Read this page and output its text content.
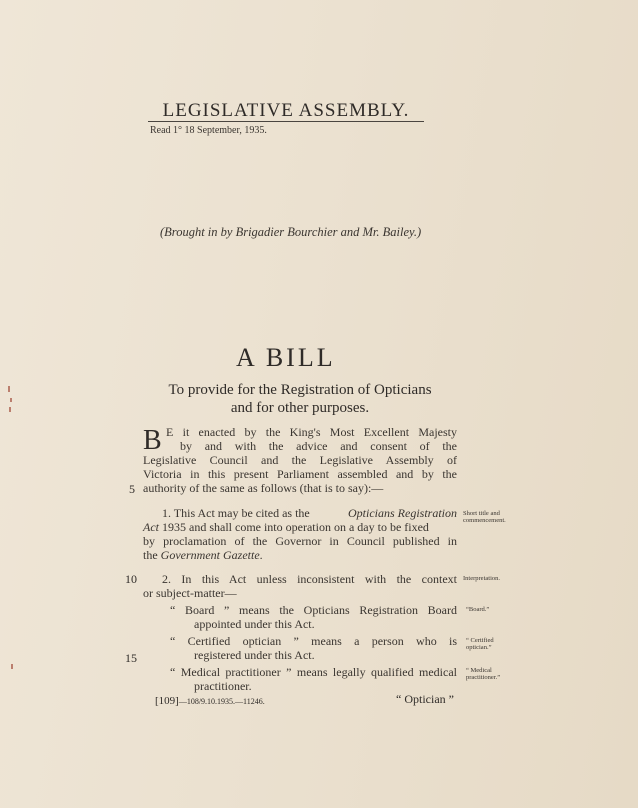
LEGISLATIVE ASSEMBLY.
Read 1° 18 September, 1935.
(Brought in by Brigadier Bourchier and Mr. Bailey.)
A BILL
To provide for the Registration of Opticians
and for other purposes.
B E it enacted by the King's Most Excellent Majesty
by and with the advice and consent of the
Legislative Council and the Legislative Assembly of
Victoria in this present Parliament assembled and by the
authority of the same as follows (that is to say):—
5
1. This Act may be cited as the	Opticians Registration
Act 1935 and shall come into operation on a day to be fixed
by proclamation of the Governor in Council published in
the Government Gazette.
Short title and commencement.
10 2. In this Act unless inconsistent with the context
or subject-matter—
Interpretation.
“ Board ” means the Opticians Registration Board
appointed under this Act.
“Board.”
“ Certified optician ” means a person who is
registered under this Act.
“ Certified optician.”
15
“ Medical practitioner ” means legally qualified medical
practitioner.
“ Medical practitioner.”
[109]—108/9.10.1935.—11246.	“ Optician ”
